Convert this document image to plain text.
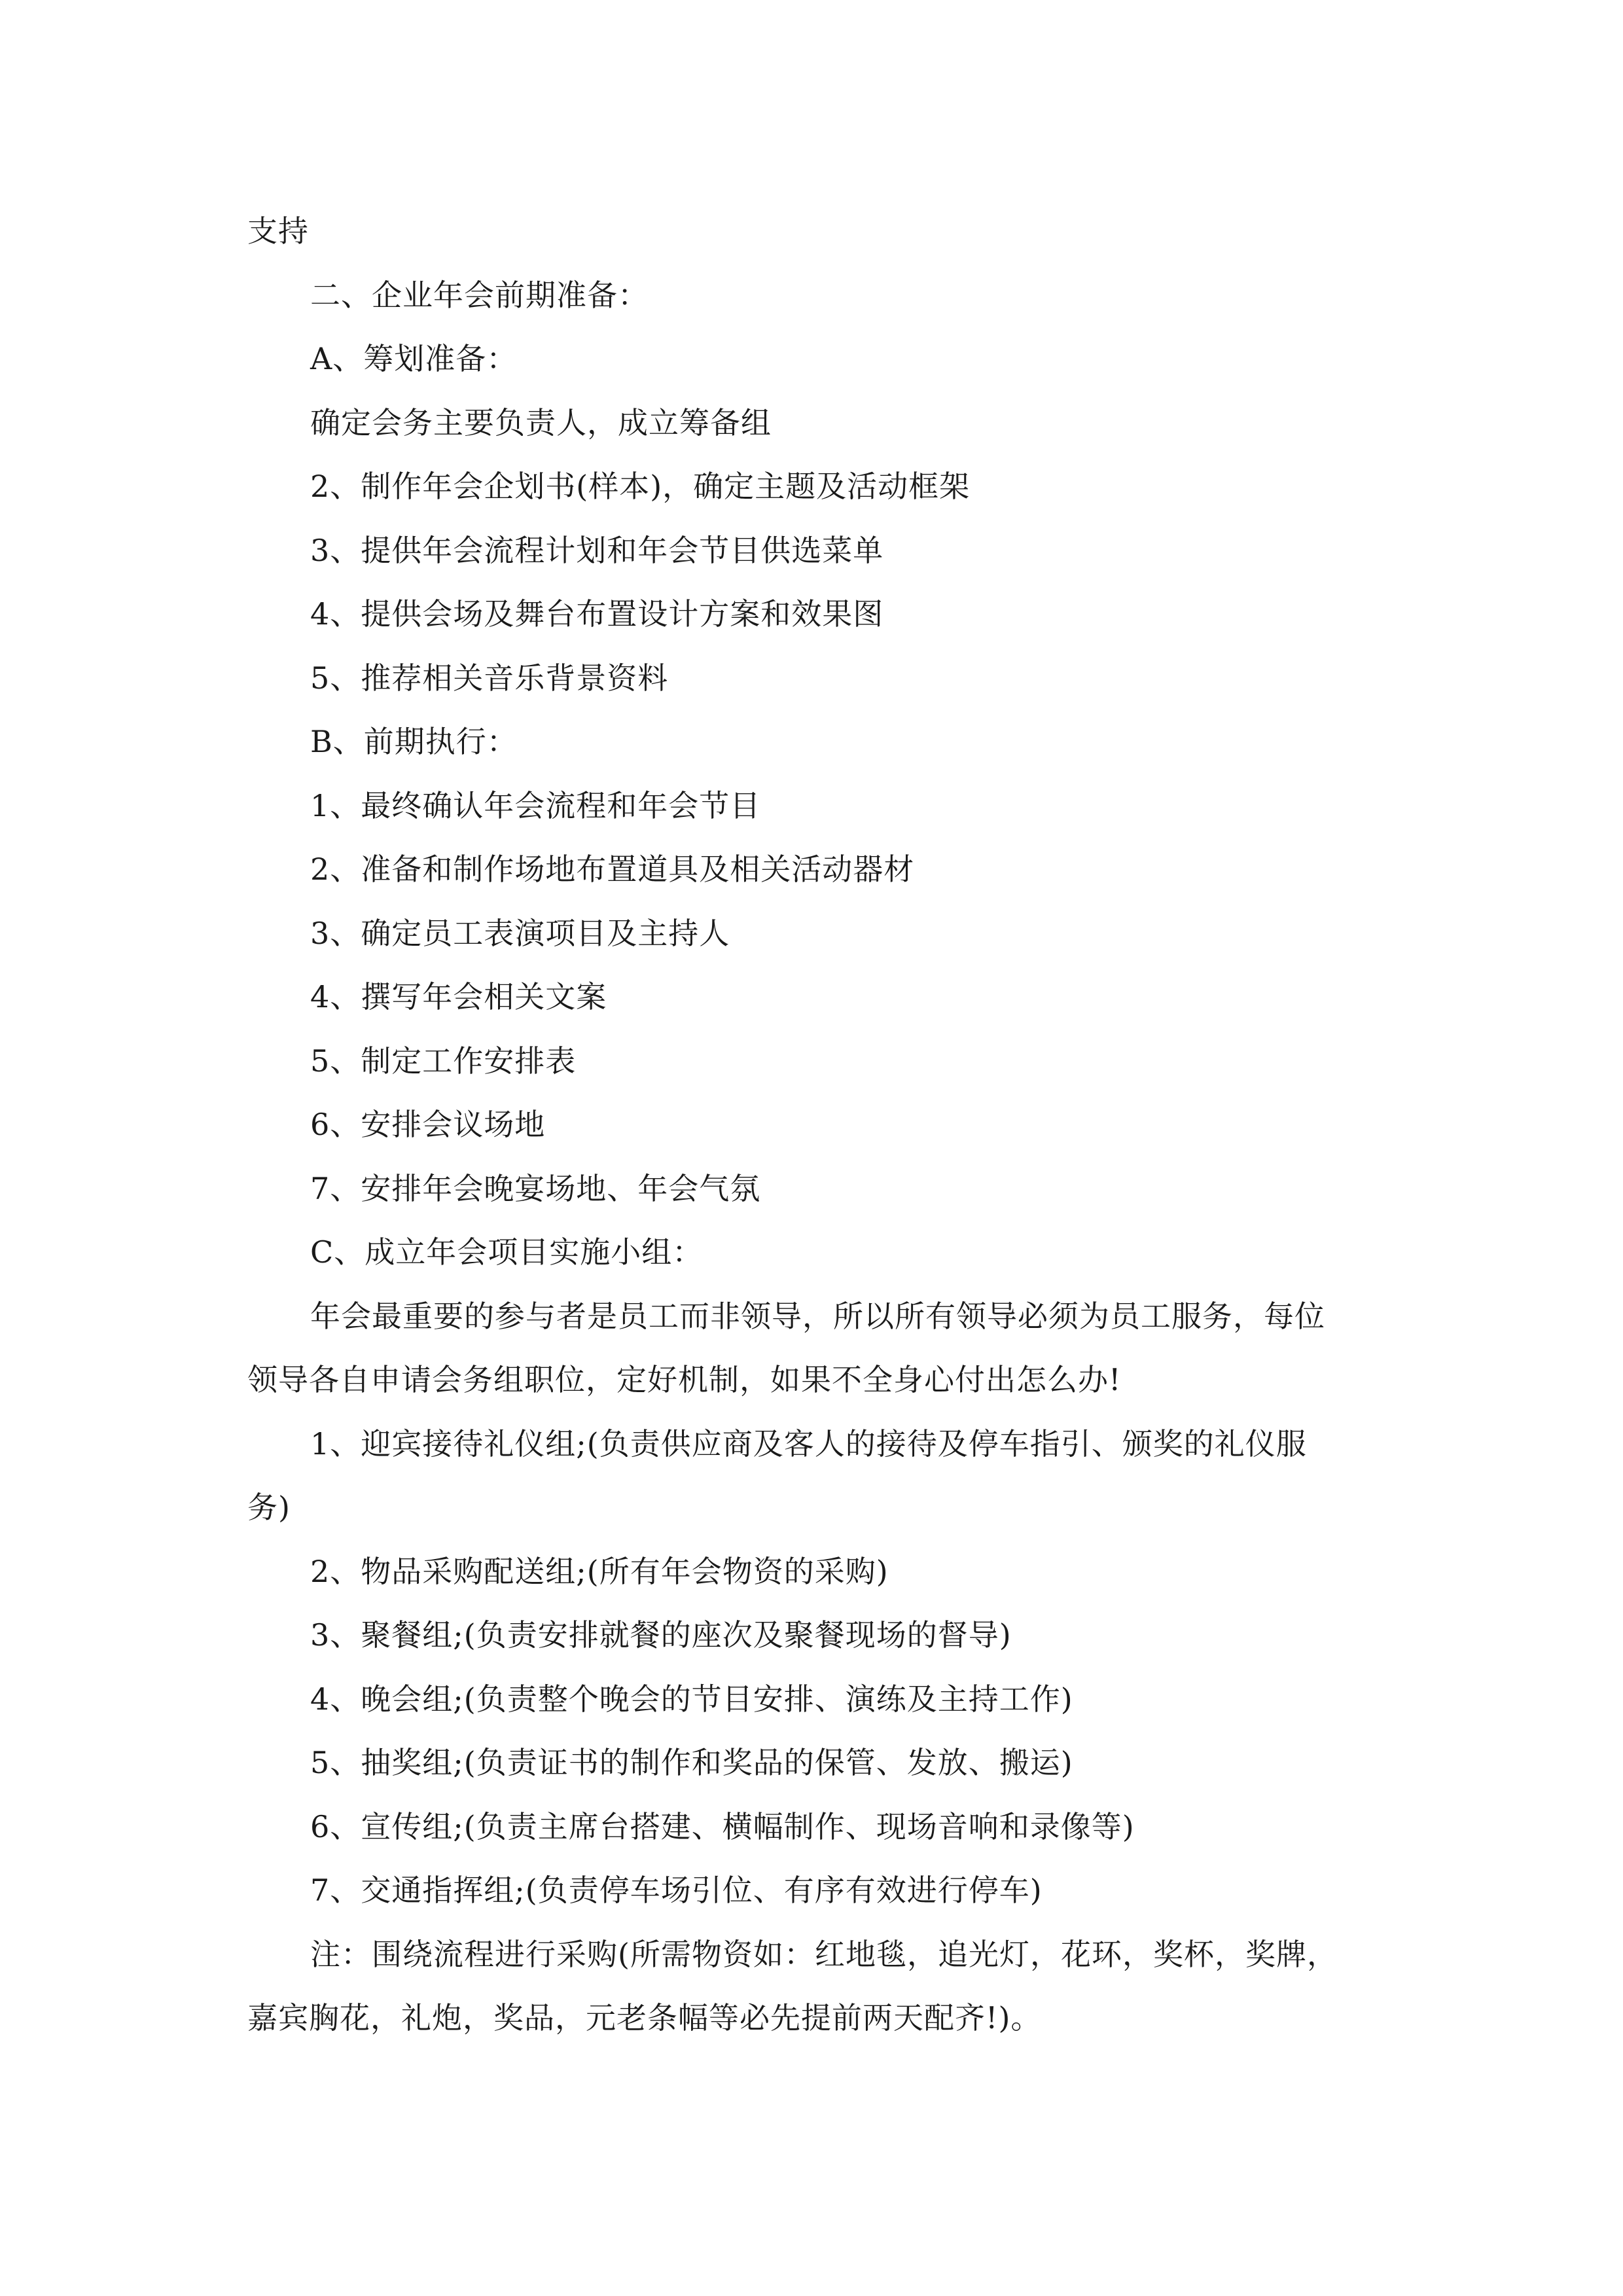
支持
二、企业年会前期准备：
A、筹划准备：
确定会务主要负责人，成立筹备组
2、制作年会企划书(样本)，确定主题及活动框架
3、提供年会流程计划和年会节目供选菜单
4、提供会场及舞台布置设计方案和效果图
5、推荐相关音乐背景资料
B、前期执行：
1、最终确认年会流程和年会节目
2、准备和制作场地布置道具及相关活动器材
3、确定员工表演项目及主持人
4、撰写年会相关文案
5、制定工作安排表
6、安排会议场地
7、安排年会晚宴场地、年会气氛
C、成立年会项目实施小组：
年会最重要的参与者是员工而非领导，所以所有领导必须为员工服务，每位
领导各自申请会务组职位，定好机制，如果不全身心付出怎么办!
1、迎宾接待礼仪组;(负责供应商及客人的接待及停车指引、颁奖的礼仪服
务)
2、物品采购配送组;(所有年会物资的采购)
3、聚餐组;(负责安排就餐的座次及聚餐现场的督导)
4、晚会组;(负责整个晚会的节目安排、演练及主持工作)
5、抽奖组;(负责证书的制作和奖品的保管、发放、搬运)
6、宣传组;(负责主席台搭建、横幅制作、现场音响和录像等)
7、交通指挥组;(负责停车场引位、有序有效进行停车)
注：围绕流程进行采购(所需物资如：红地毯，追光灯，花环，奖杯，奖牌，
嘉宾胸花，礼炮，奖品，元老条幅等必先提前两天配齐!)。
